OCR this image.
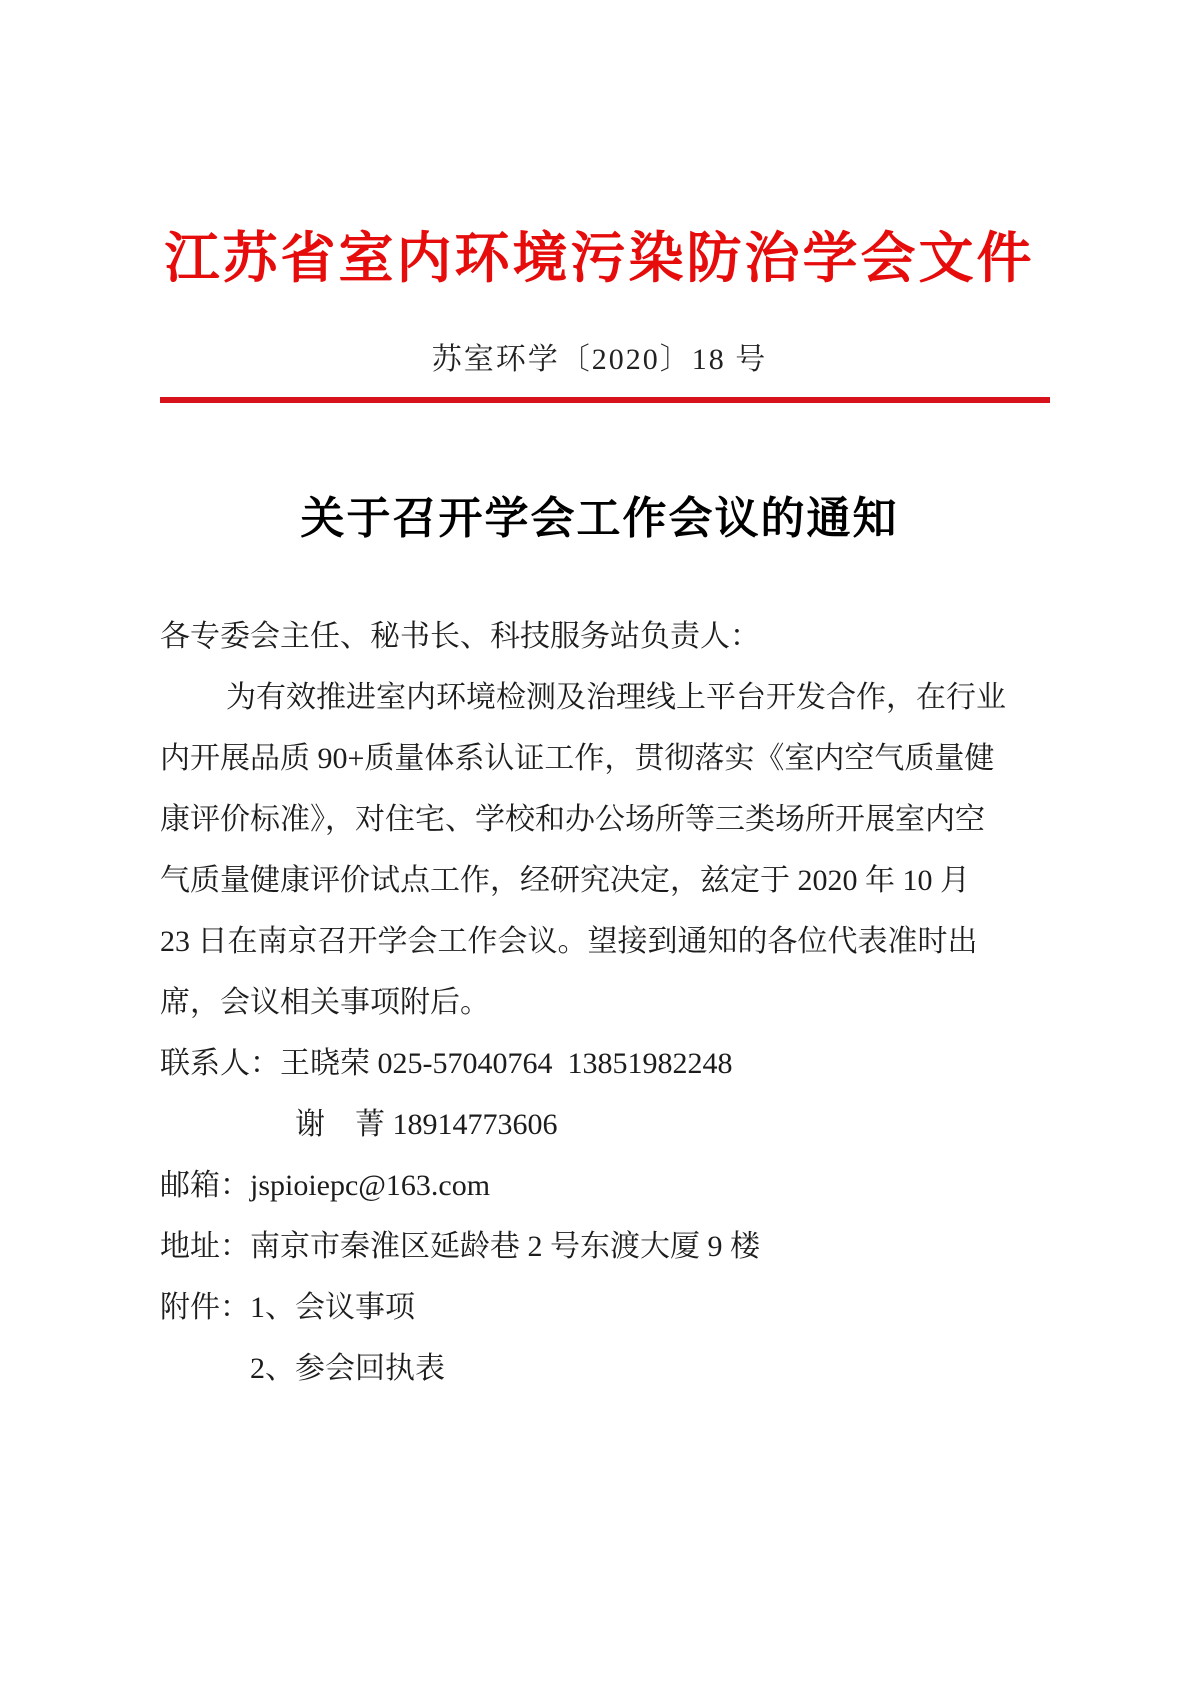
江苏省室内环境污染防治学会文件
苏室环学〔2020〕18 号
关于召开学会工作会议的通知
各专委会主任、秘书长、科技服务站负责人：
为有效推进室内环境检测及治理线上平台开发合作，在行业
内开展品质 90+质量体系认证工作，贯彻落实《室内空气质量健
康评价标准》，对住宅、学校和办公场所等三类场所开展室内空
气质量健康评价试点工作，经研究决定，兹定于 2020 年 10 月
23 日在南京召开学会工作会议。望接到通知的各位代表准时出
席，会议相关事项附后。
联系人：王晓荣 025-57040764  13851982248
谢　菁 18914773606
邮箱：jspioiepc@163.com
地址：南京市秦淮区延龄巷 2 号东渡大厦 9 楼
附件：1、会议事项
2、参会回执表
